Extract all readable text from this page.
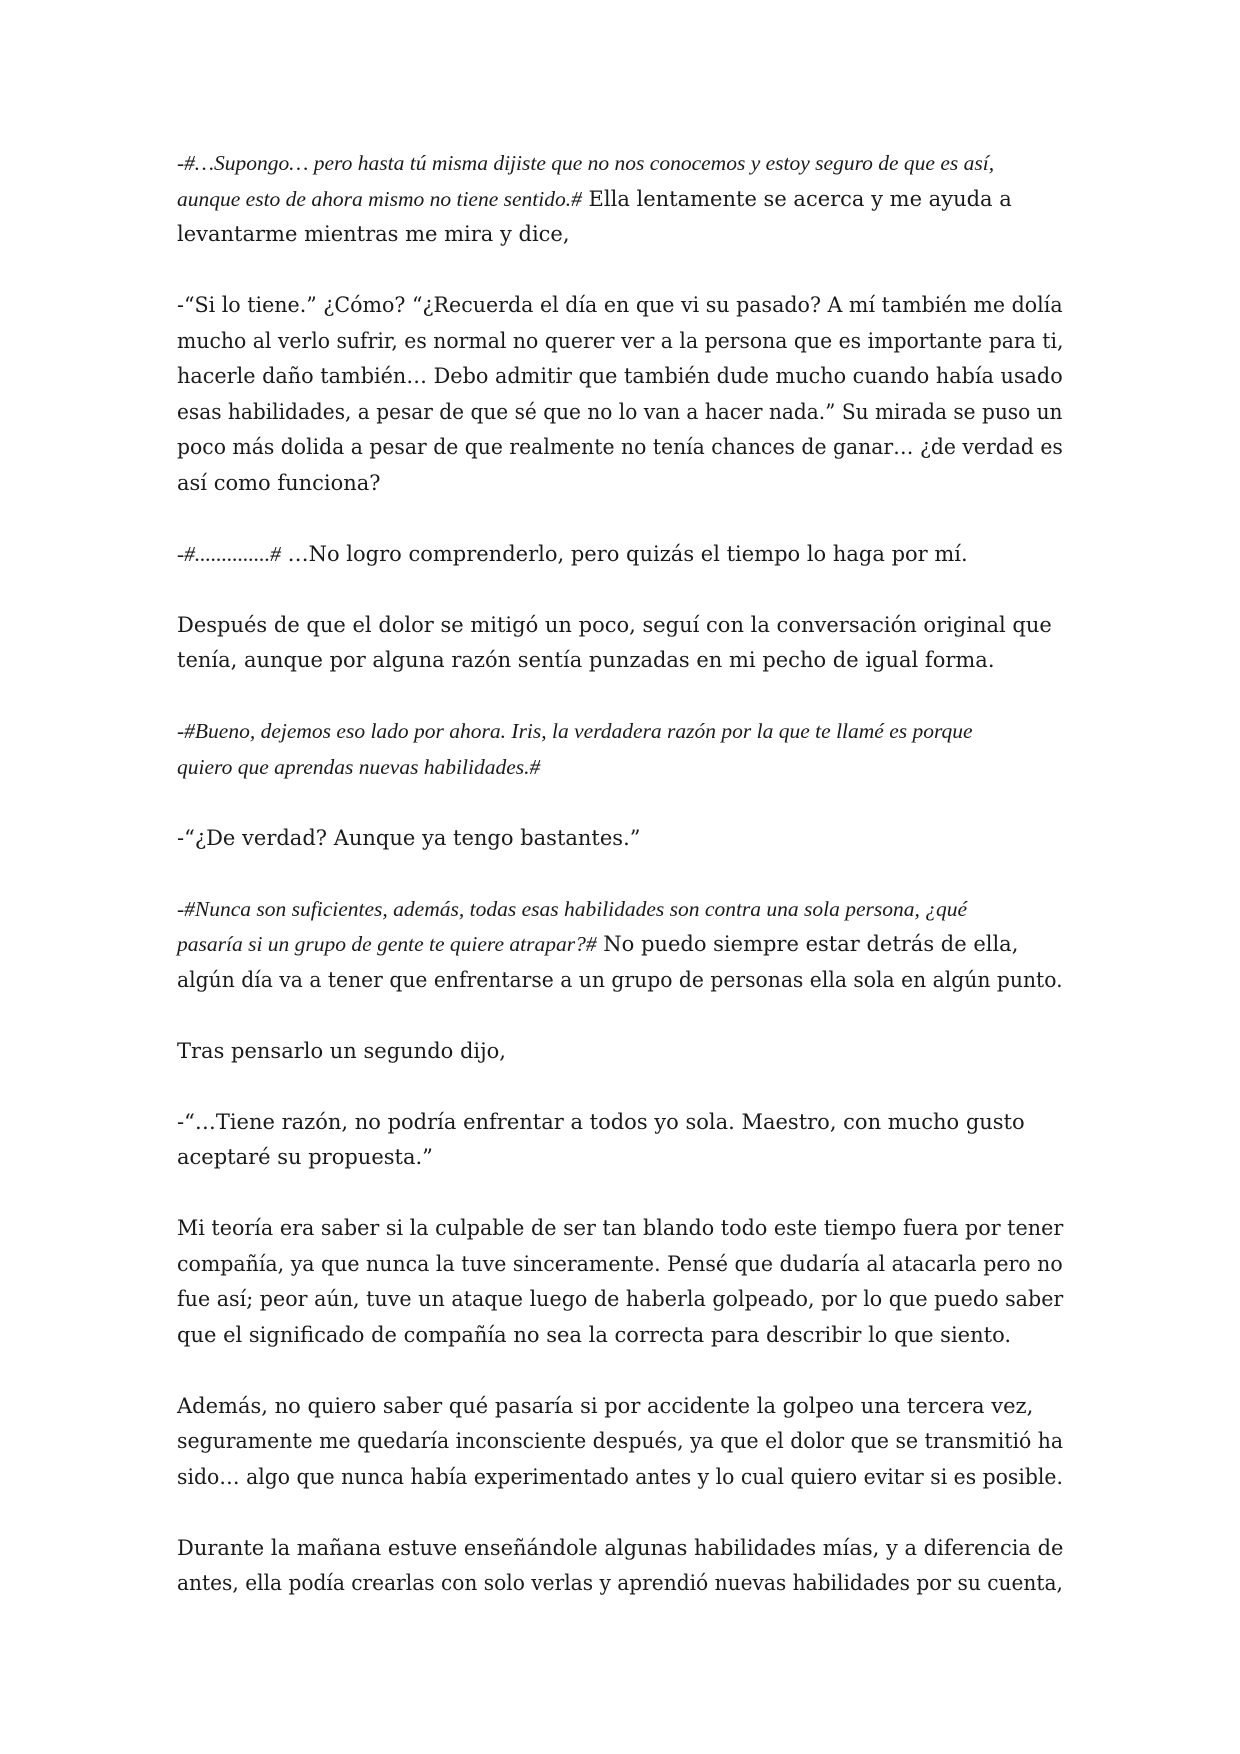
-#…Supongo… pero hasta tú misma dijiste que no nos conocemos y estoy seguro de que es así,
aunque esto de ahora mismo no tiene sentido.# Ella lentamente se acerca y me ayuda a
levantarme mientras me mira y dice,

-“Si lo tiene.” ¿Cómo? “¿Recuerda el día en que vi su pasado? A mí también me dolía
mucho al verlo sufrir, es normal no querer ver a la persona que es importante para ti,
hacerle daño también… Debo admitir que también dude mucho cuando había usado
esas habilidades, a pesar de que sé que no lo van a hacer nada.” Su mirada se puso un
poco más dolida a pesar de que realmente no tenía chances de ganar… ¿de verdad es
así como funciona?

-#..............# …No logro comprenderlo, pero quizás el tiempo lo haga por mí.

Después de que el dolor se mitigó un poco, seguí con la conversación original que
tenía, aunque por alguna razón sentía punzadas en mi pecho de igual forma.

-#Bueno, dejemos eso lado por ahora. Iris, la verdadera razón por la que te llamé es porque
quiero que aprendas nuevas habilidades.#

-“¿De verdad? Aunque ya tengo bastantes.”

-#Nunca son suficientes, además, todas esas habilidades son contra una sola persona, ¿qué
pasaría si un grupo de gente te quiere atrapar?# No puedo siempre estar detrás de ella,
algún día va a tener que enfrentarse a un grupo de personas ella sola en algún punto.

Tras pensarlo un segundo dijo,

-“…Tiene razón, no podría enfrentar a todos yo sola. Maestro, con mucho gusto
aceptaré su propuesta.”

Mi teoría era saber si la culpable de ser tan blando todo este tiempo fuera por tener
compañía, ya que nunca la tuve sinceramente. Pensé que dudaría al atacarla pero no
fue así; peor aún, tuve un ataque luego de haberla golpeado, por lo que puedo saber
que el significado de compañía no sea la correcta para describir lo que siento.

Además, no quiero saber qué pasaría si por accidente la golpeo una tercera vez,
seguramente me quedaría inconsciente después, ya que el dolor que se transmitió ha
sido… algo que nunca había experimentado antes y lo cual quiero evitar si es posible.

Durante la mañana estuve enseñándole algunas habilidades mías, y a diferencia de
antes, ella podía crearlas con solo verlas y aprendió nuevas habilidades por su cuenta,
